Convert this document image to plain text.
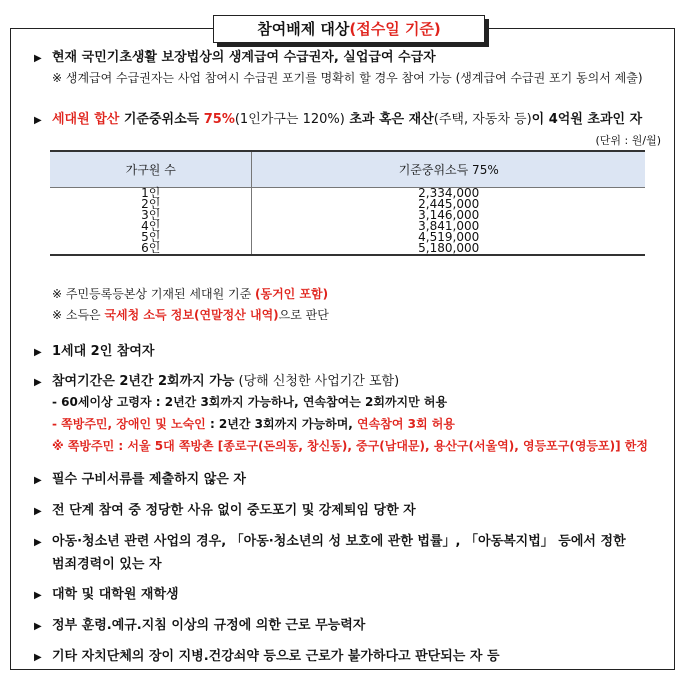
참여배제 대상(접수일 기준)
▶ 현재 국민기초생활 보장법상의 생계급여 수급권자, 실업급여 수급자
※ 생계급여 수급권자는 사업 참여시 수급권 포기를 명확히 할 경우 참여 가능 (생계급여 수급권 포기 동의서 제출)
▶ 세대원 합산 기준중위소득 75%(1인가구는 120%) 초과 혹은 재산(주택, 자동차 등)이 4억원 초과인 자
(단위 : 원/월)
가구원 수	기준중위소득 75%
1인	2,334,000
2인	2,445,000
3인	3,146,000
4인	3,841,000
5인	4,519,000
6인	5,180,000
※ 주민등록등본상 기재된 세대원 기준 (동거인 포함)
※ 소득은 국세청 소득 정보(연말정산 내역)으로 판단
▶ 1세대 2인 참여자
▶ 참여기간은 2년간 2회까지 가능 (당해 신청한 사업기간 포함)
- 60세이상 고령자 : 2년간 3회까지 가능하나, 연속참여는 2회까지만 허용
- 쪽방주민, 장애인 및 노숙인 : 2년간 3회까지 가능하며, 연속참여 3회 허용
※ 쪽방주민 : 서울 5대 쪽방촌 [종로구(돈의동, 창신동), 중구(남대문), 용산구(서울역), 영등포구(영등포)] 한정
▶ 필수 구비서류를 제출하지 않은 자
▶ 전 단계 참여 중 정당한 사유 없이 중도포기 및 강제퇴임 당한 자
▶ 아동·청소년 관련 사업의 경우, 「아동·청소년의 성 보호에 관한 법률」, 「아동복지법」 등에서 정한
범죄경력이 있는 자
▶ 대학 및 대학원 재학생
▶ 정부 훈령.예규.지침 이상의 규정에 의한 근로 무능력자
▶ 기타 자치단체의 장이 지병.건강쇠약 등으로 근로가 불가하다고 판단되는 자 등
